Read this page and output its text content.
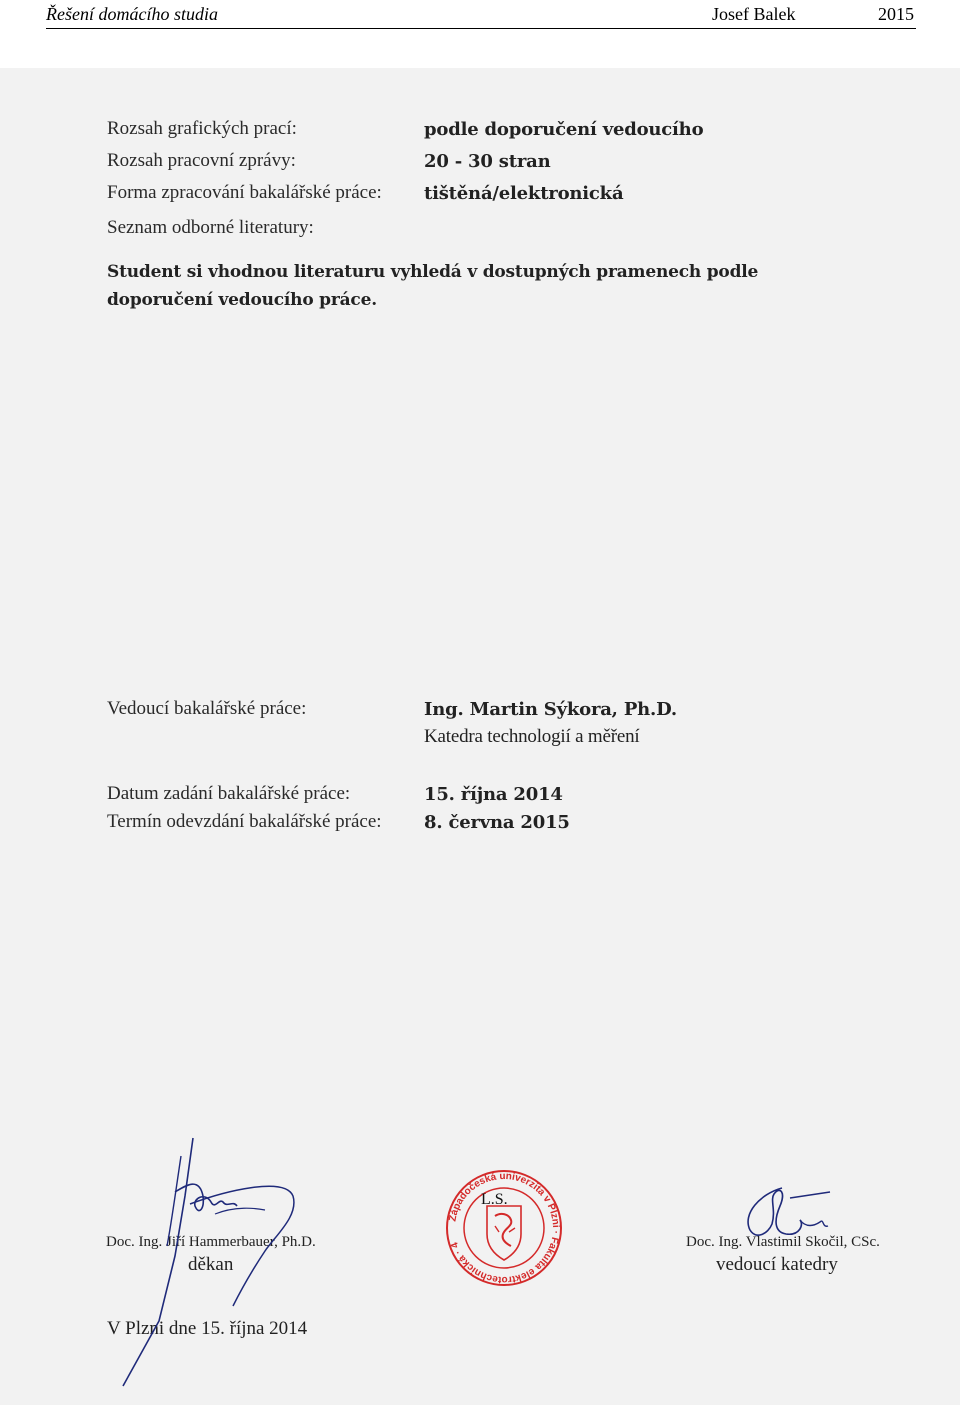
Řešení domácího studia	Josef Balek	2015
Rozsah grafických prací:	podle doporučení vedoucího
Rozsah pracovní zprávy:	20 - 30 stran
Forma zpracování bakalářské práce: tištěná/elektronická
Seznam odborné literatury:
Student si vhodnou literaturu vyhledá v dostupných pramenech podle doporučení vedoucího práce.
Vedoucí bakalářské práce:	Ing. Martin Sýkora, Ph.D.
Katedra technologií a měření
Datum zadání bakalářské práce:	15. října 2014
Termín odevzdání bakalářské práce: 8. června 2015
Doc. Ing. Jiří Hammerbauer, Ph.D.
děkan
Doc. Ing. Vlastimil Skočil, CSc.
vedoucí katedry
V Plzni dne 15. října 2014
Západočeská univerzita v Plzni · Fakulta elektrotechnická · 4
L.S.
